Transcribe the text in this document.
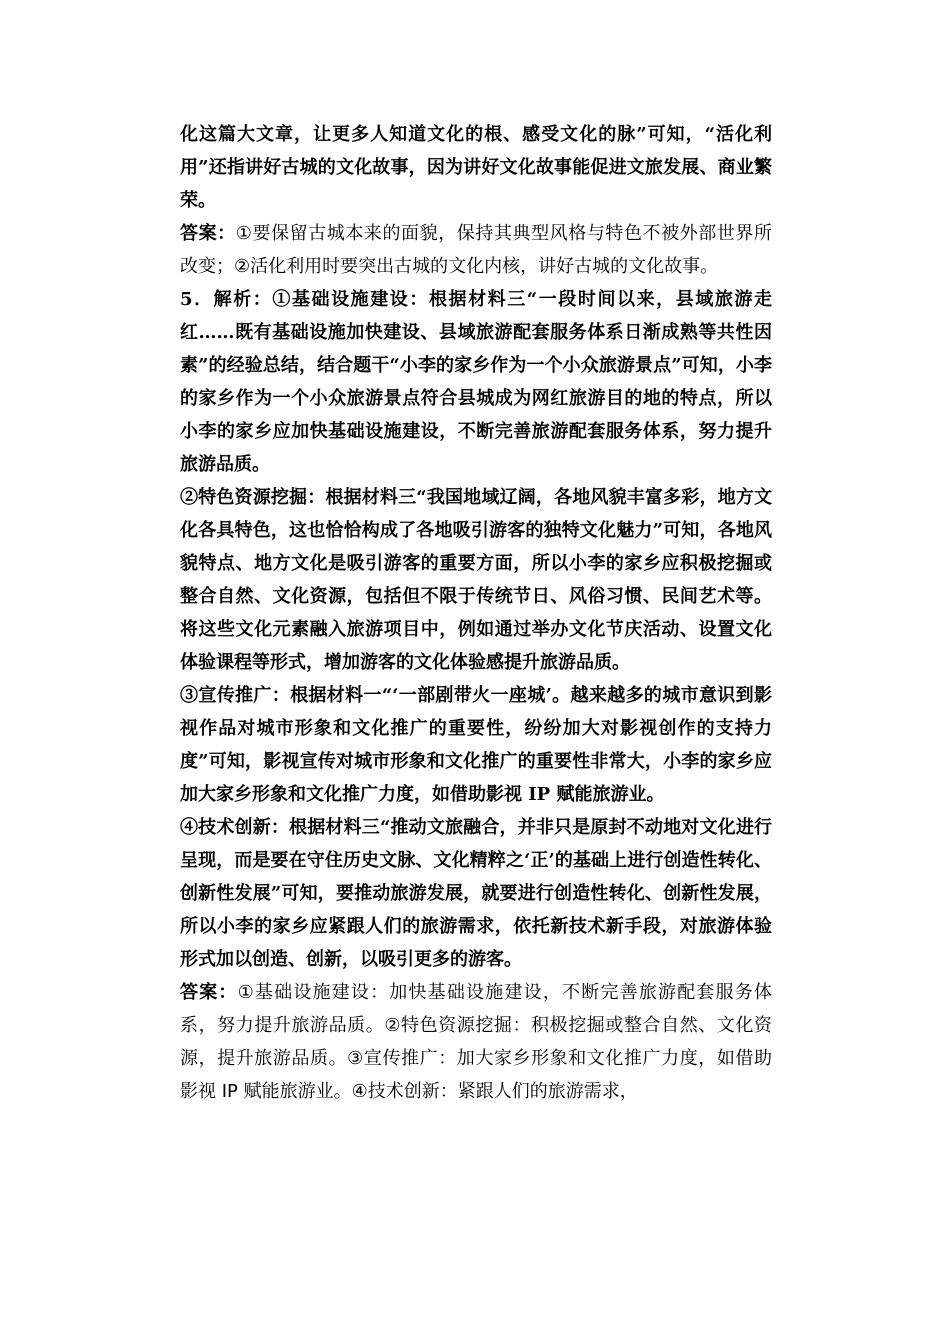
化这篇大文章，让更多人知道文化的根、感受文化的脉”可知，“活化利用”还指讲好古城的文化故事，因为讲好文化故事能促进文旅发展、商业繁荣。

答案：①要保留古城本来的面貌，保持其典型风格与特色不被外部世界所改变；②活化利用时要突出古城的文化内核，讲好古城的文化故事。

5．解析：①基础设施建设：根据材料三“一段时间以来，县域旅游走红……既有基础设施加快建设、县域旅游配套服务体系日渐成熟等共性因素”的经验总结，结合题干“小李的家乡作为一个小众旅游景点”可知，小李的家乡作为一个小众旅游景点符合县城成为网红旅游目的地的特点，所以小李的家乡应加快基础设施建设，不断完善旅游配套服务体系，努力提升旅游品质。

②特色资源挖掘：根据材料三“我国地域辽阔，各地风貌丰富多彩，地方文化各具特色，这也恰恰构成了各地吸引游客的独特文化魅力”可知，各地风貌特点、地方文化是吸引游客的重要方面，所以小李的家乡应积极挖掘或整合自然、文化资源，包括但不限于传统节日、风俗习惯、民间艺术等。将这些文化元素融入旅游项目中，例如通过举办文化节庆活动、设置文化体验课程等形式，增加游客的文化体验感提升旅游品质。

③宣传推广：根据材料一“‘一部剧带火一座城’。越来越多的城市意识到影视作品对城市形象和文化推广的重要性，纷纷加大对影视创作的支持力度”可知，影视宣传对城市形象和文化推广的重要性非常大，小李的家乡应加大家乡形象和文化推广力度，如借助影视 IP 赋能旅游业。

④技术创新：根据材料三“推动文旅融合，并非只是原封不动地对文化进行呈现，而是要在守住历史文脉、文化精粹之‘正’的基础上进行创造性转化、创新性发展”可知，要推动旅游发展，就要进行创造性转化、创新性发展，所以小李的家乡应紧跟人们的旅游需求，依托新技术新手段，对旅游体验形式加以创造、创新，以吸引更多的游客。

答案：①基础设施建设：加快基础设施建设，不断完善旅游配套服务体系，努力提升旅游品质。②特色资源挖掘：积极挖掘或整合自然、文化资源，提升旅游品质。③宣传推广：加大家乡形象和文化推广力度，如借助影视 IP 赋能旅游业。④技术创新：紧跟人们的旅游需求，
